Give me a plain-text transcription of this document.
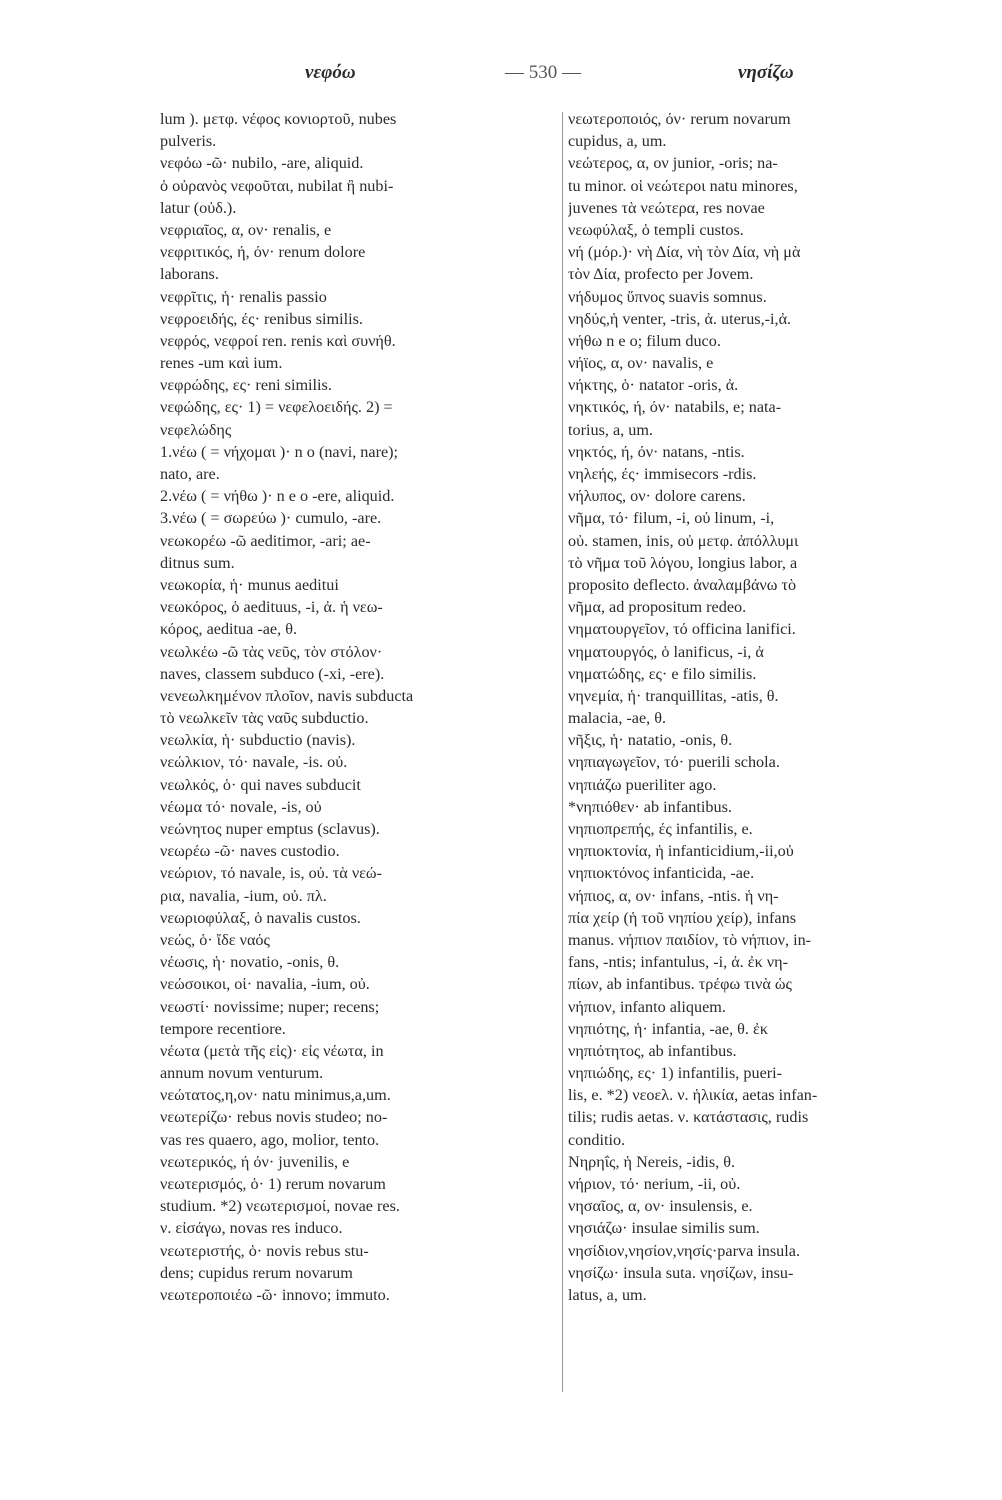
νεφόω	— 530 —	νησίζω
lum ). μετφ. νέφος κονιορτοῦ, nubes
pulveris.
νεφόω -ῶ· nubilo, -are, aliquid.
ὁ οὐρανὸς νεφοῦται, nubilat ἢ nubi-
latur (οὐδ.).
νεφριαῖος, α, ον· renalis, e
νεφριτικός, ή, όν· renum dolore
laborans.
νεφρῖτις, ἡ· renalis passio
νεφροειδής, ές· renibus similis.
νεφρός, νεφροί ren. renis καὶ συνήθ.
renes -um καὶ ium.
νεφρώδης, ες· reni similis.
νεφώδης, ες· 1) = νεφελοειδής. 2) =
νεφελώδης
1.νέω ( = νήχομαι )· n o (navi, nare);
nato, are.
2.νέω ( = νήθω )· n e o -ere, aliquid.
3.νέω ( = σωρεύω )· cumulo, -are.
νεωκορέω -ῶ aeditimor, -ari; ae-
ditnus sum.
νεωκορία, ἡ· munus aeditui
νεωκόρος, ὁ aedituus, -i, ἀ. ἡ νεω-
κόρος, aeditua -ae, θ.
νεωλκέω -ῶ τὰς νεῦς, τὸν στόλον·
naves, classem subduco (-xi, -ere).
νενεωλκημένον πλοῖον, navis subducta
τὸ νεωλκεῖν τὰς ναῦς subductio.
νεωλκία, ἡ· subductio (navis).
νεώλκιον, τό· navale, -is. οὐ.
νεωλκός, ὁ· qui naves subducit
νέωμα τό· novale, -is, οὐ
νεώνητος nuper emptus (sclavus).
νεωρέω -ῶ· naves custodio.
νεώριον, τό navale, is, οὐ. τὰ νεώ-
ρια, navalia, -ium, οὐ. πλ.
νεωριοφύλαξ, ὁ navalis custos.
νεώς, ὁ· ἴδε ναός
νέωσις, ἡ· novatio, -onis, θ.
νεώσοικοι, οἱ· navalia, -ium, οὐ.
νεωστί· novissime; nuper; recens;
tempore recentiore.
νέωτα (μετὰ τῆς εἰς)· εἰς νέωτα, in
annum novum venturum.
νεώτατος,η,ον· natu minimus,a,um.
νεωτερίζω· rebus novis studeo; no-
vas res quaero, ago, molior, tento.
νεωτερικός, ή όν· juvenilis, e
νεωτερισμός, ὁ· 1) rerum novarum
studium. *2) νεωτερισμοί, novae res.
ν. εἰσάγω, novas res induco.
νεωτεριστής, ὁ· novis rebus stu-
dens; cupidus rerum novarum
νεωτεροποιέω -ῶ· innovo; immuto.
νεωτεροποιός, όν· rerum novarum
cupidus, a, um.
νεώτερος, α, ον junior, -oris; na-
tu minor. οἱ νεώτεροι natu minores,
juvenes τὰ νεώτερα, res novae
νεωφύλαξ, ὁ templi custos.
νή (μόρ.)· νὴ Δία, νὴ τὸν Δία, νὴ μὰ
τὸν Δία, profecto per Jovem.
νήδυμος ὕπνος suavis somnus.
νηδύς,ἡ venter, -tris, ἀ. uterus,-i,ἀ.
νήθω n e o; filum duco.
νήϊος, α, ον· navalis, e
νήκτης, ὁ· natator -oris, ἀ.
νηκτικός, ή, όν· natabils, e; nata-
torius, a, um.
νηκτός, ή, όν· natans, -ntis.
νηλεής, ές· immisecors -rdis.
νήλυπος, ον· dolore carens.
νῆμα, τό· filum, -i, οὐ linum, -i,
οὐ. stamen, inis, οὐ μετφ. ἀπόλλυμι
τὸ νῆμα τοῦ λόγου, longius labor, a
proposito deflecto. ἀναλαμβάνω τὸ
νῆμα, ad propositum redeo.
νηματουργεῖον, τό officina lanifici.
νηματουργός, ὁ lanificus, -i, ἀ
νηματώδης, ες· e filo similis.
νηνεμία, ἡ· tranquillitas, -atis, θ.
malacia, -ae, θ.
νῆξις, ἡ· natatio, -onis, θ.
νηπιαγωγεῖον, τό· puerili schola.
νηπιάζω pueriliter ago.
*νηπιόθεν· ab infantibus.
νηπιοπρεπής, ές infantilis, e.
νηπιοκτονία, ἡ infanticidium,-ii,οὐ
νηπιοκτόνος infanticida, -ae.
νήπιος, α, ον· infans, -ntis. ἡ νη-
πία χείρ (ἡ τοῦ νηπίου χείρ), infans
manus. νήπιον παιδίον, τὸ νήπιον, in-
fans, -ntis; infantulus, -i, ἀ. ἐκ νη-
πίων, ab infantibus. τρέφω τινὰ ὡς
νήπιον, infanto aliquem.
νηπιότης, ἡ· infantia, -ae, θ. ἐκ
νηπιότητος, ab infantibus.
νηπιώδης, ες· 1) infantilis, pueri-
lis, e. *2) νεοελ. ν. ἡλικία, aetas infan-
tilis; rudis aetas. ν. κατάστασις, rudis
conditio.
Νηρηΐς, ἡ Nereis, -idis, θ.
νήριον, τό· nerium, -ii, οὐ.
νησαῖος, α, ον· insulensis, e.
νησιάζω· insulae similis sum.
νησίδιον,νησίον,νησίς·parva insula.
νησίζω· insula suta. νησίζων, insu-
latus, a, um.
